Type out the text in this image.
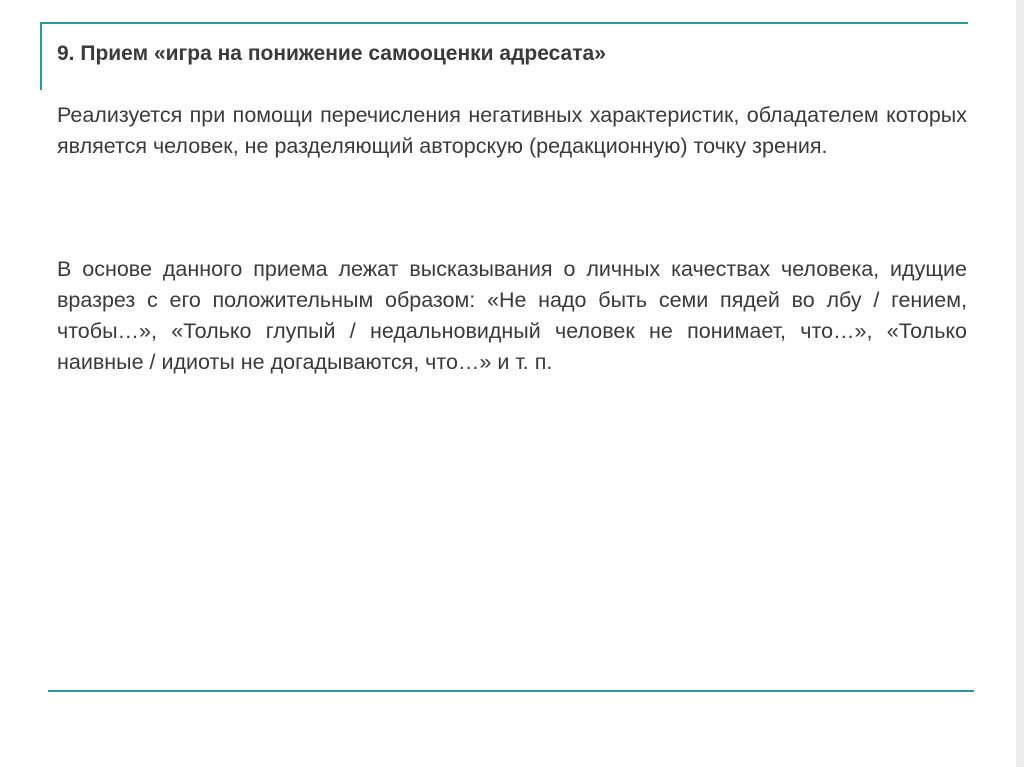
9. Прием «игра на понижение самооценки адресата»

Реализуется при помощи перечисления негативных характеристик, обладателем которых является человек, не разделяющий авторскую (редакционную) точку зрения.

В основе данного приема лежат высказывания о личных качествах человека, идущие вразрез с его положительным образом: «Не надо быть семи пядей во лбу / гением, чтобы…», «Только глупый / недальновидный человек не понимает, что…», «Только наивные / идиоты не догадываются, что…» и т. п.
